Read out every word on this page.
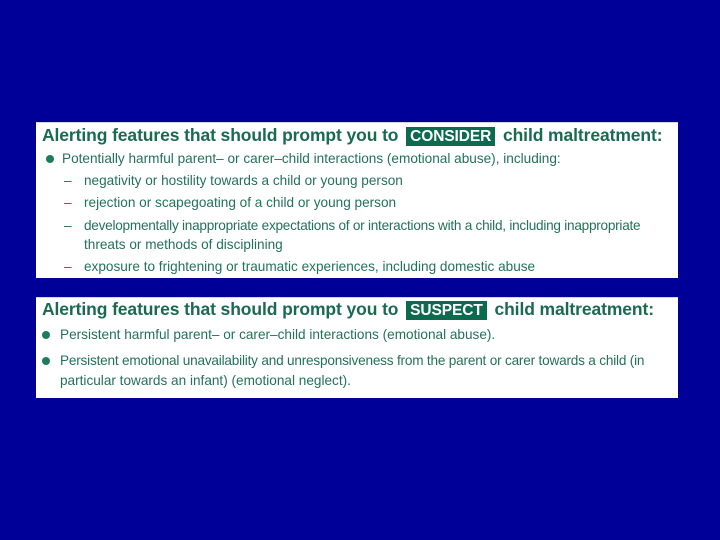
Alerting features that should prompt you to CONSIDER child maltreatment:
Potentially harmful parent– or carer–child interactions (emotional abuse), including:
– negativity or hostility towards a child or young person
– rejection or scapegoating of a child or young person
– developmentally inappropriate expectations of or interactions with a child, including inappropriate
threats or methods of disciplining
– exposure to frightening or traumatic experiences, including domestic abuse
Alerting features that should prompt you to SUSPECT child maltreatment:
Persistent harmful parent– or carer–child interactions (emotional abuse).
Persistent emotional unavailability and unresponsiveness from the parent or carer towards a child (in
particular towards an infant) (emotional neglect).
